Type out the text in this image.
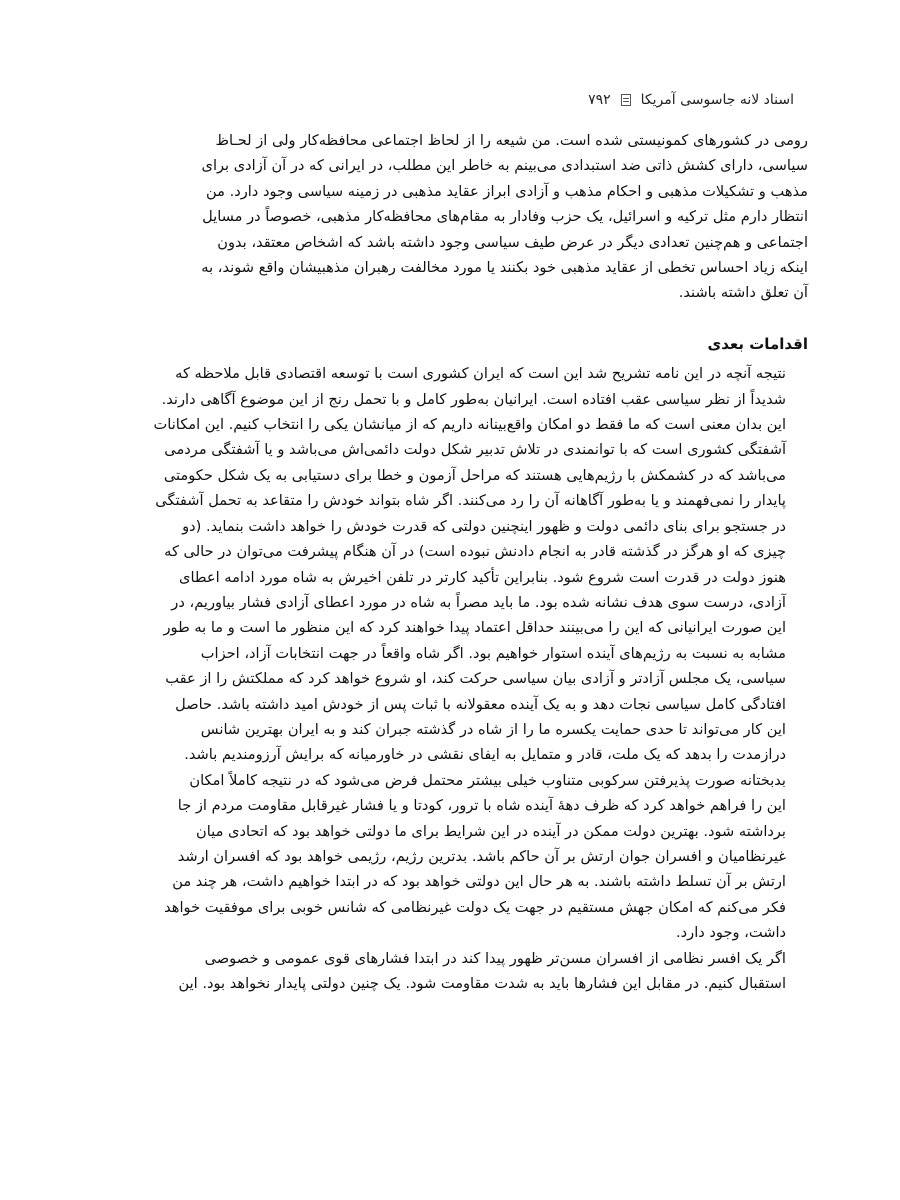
اسناد لانه جاسوسی آمریکا
۷۹۲

رومی در کشورهای کمونیستی شده است. من شیعه را از لحاظ اجتماعی محافظه‌کار ولی از لحـاظ
سیاسی، دارای کشش ذاتی ضد استبدادی می‌بینم به خاطر این مطلب، در ایرانی که در آن آزادی برای
مذهب و تشکیلات مذهبی و احکام مذهب و آزادی ابراز عقاید مذهبی در زمینه سیاسی وجود دارد. من
انتظار دارم مثل ترکیه و اسرائیل، یک حزب وفادار به مقام‌های محافظه‌کار مذهبی، خصوصاً در مسایل
اجتماعی و هم‌چنین تعدادی دیگر در عرض طیف سیاسی وجود داشته باشد که اشخاص معتقد، بدون
اینکه زیاد احساس تخطی از عقاید مذهبی خود بکنند یا مورد مخالفت رهبران مذهبیشان واقع شوند، به
آن تعلق داشته باشند.

اقدامات بعدی

نتیجه آنچه در این نامه تشریح شد این است که ایران کشوری است با توسعه اقتصادی قابل ملاحظه که
شدیداً از نظر سیاسی عقب افتاده است. ایرانیان به‌طور کامل و با تحمل رنج از این موضوع آگاهی دارند.
این بدان معنی است که ما فقط دو امکان واقع‌بینانه داریم که از میانشان یکی را انتخاب کنیم. این امکانات
آشفتگی کشوری است که با توانمندی در تلاش تدبیر شکل دولت دائمی‌اش می‌باشد و یا آشفتگی مردمی
می‌باشد که در کشمکش با رژیم‌هایی هستند که مراحل آزمون و خطا برای دستیابی به یک شکل حکومتی
پایدار را نمی‌فهمند و یا به‌طور آگاهانه آن را رد می‌کنند. اگر شاه بتواند خودش را متقاعد به تحمل آشفتگی
در جستجو برای بنای دائمی دولت و ظهور اینچنین دولتی که قدرت خودش را خواهد داشت بنماید. (دو
چیزی که او هرگز در گذشته قادر به انجام دادنش نبوده است) در آن هنگام پیشرفت می‌توان در حالی که
هنوز دولت در قدرت است شروع شود. بنابراین تأکید کارتر در تلفن اخیرش به شاه مورد ادامه اعطای
آزادی، درست سوی هدف نشانه شده بود. ما باید مصراً به شاه در مورد اعطای آزادی فشار بیاوریم، در
این صورت ایرانیانی که این را می‌بینند حداقل اعتماد پیدا خواهند کرد که این منظور ما است و ما به طور
مشابه به نسبت به رژیم‌های آینده استوار خواهیم بود. اگر شاه واقعاً در جهت انتخابات آزاد، احزاب
سیاسی، یک مجلس آزادتر و آزادی بیان سیاسی حرکت کند، او شروع خواهد کرد که مملکتش را از عقب
افتادگی کامل سیاسی نجات دهد و به یک آینده معقولانه با ثبات پس از خودش امید داشته باشد. حاصل
این کار می‌تواند تا حدی حمایت یکسره ما را از شاه در گذشته جبران کند و به ایران بهترین شانس
درازمدت را بدهد که یک ملت، قادر و متمایل به ایفای نقشی در خاورمیانه که برایش آرزومندیم باشد.
بدبختانه صورت پذیرفتن سرکوبی متناوب خیلی بیشتر محتمل فرض می‌شود که در نتیجه کاملاً امکان
این را فراهم خواهد کرد که ظرف دهۀ آینده شاه با ترور، کودتا و یا فشار غیرقابل مقاومت مردم از جا
برداشته شود. بهترین دولت ممکن در آینده در این شرایط برای ما دولتی خواهد بود که اتحادی میان
غیرنظامیان و افسران جوان ارتش بر آن حاکم باشد. بدترین رژیم، رژیمی خواهد بود که افسران ارشد
ارتش بر آن تسلط داشته باشند. به هر حال این دولتی خواهد بود که در ابتدا خواهیم داشت، هر چند من
فکر می‌کنم که امکان جهش مستقیم در جهت یک دولت غیرنظامی که شانس خوبی برای موفقیت خواهد
داشت، وجود دارد.

اگر یک افسر نظامی از افسران مسن‌تر ظهور پیدا کند در ابتدا فشارهای قوی عمومی و خصوصی
استقبال کنیم. در مقابل این فشارها باید به شدت مقاومت شود. یک چنین دولتی پایدار نخواهد بود. این
